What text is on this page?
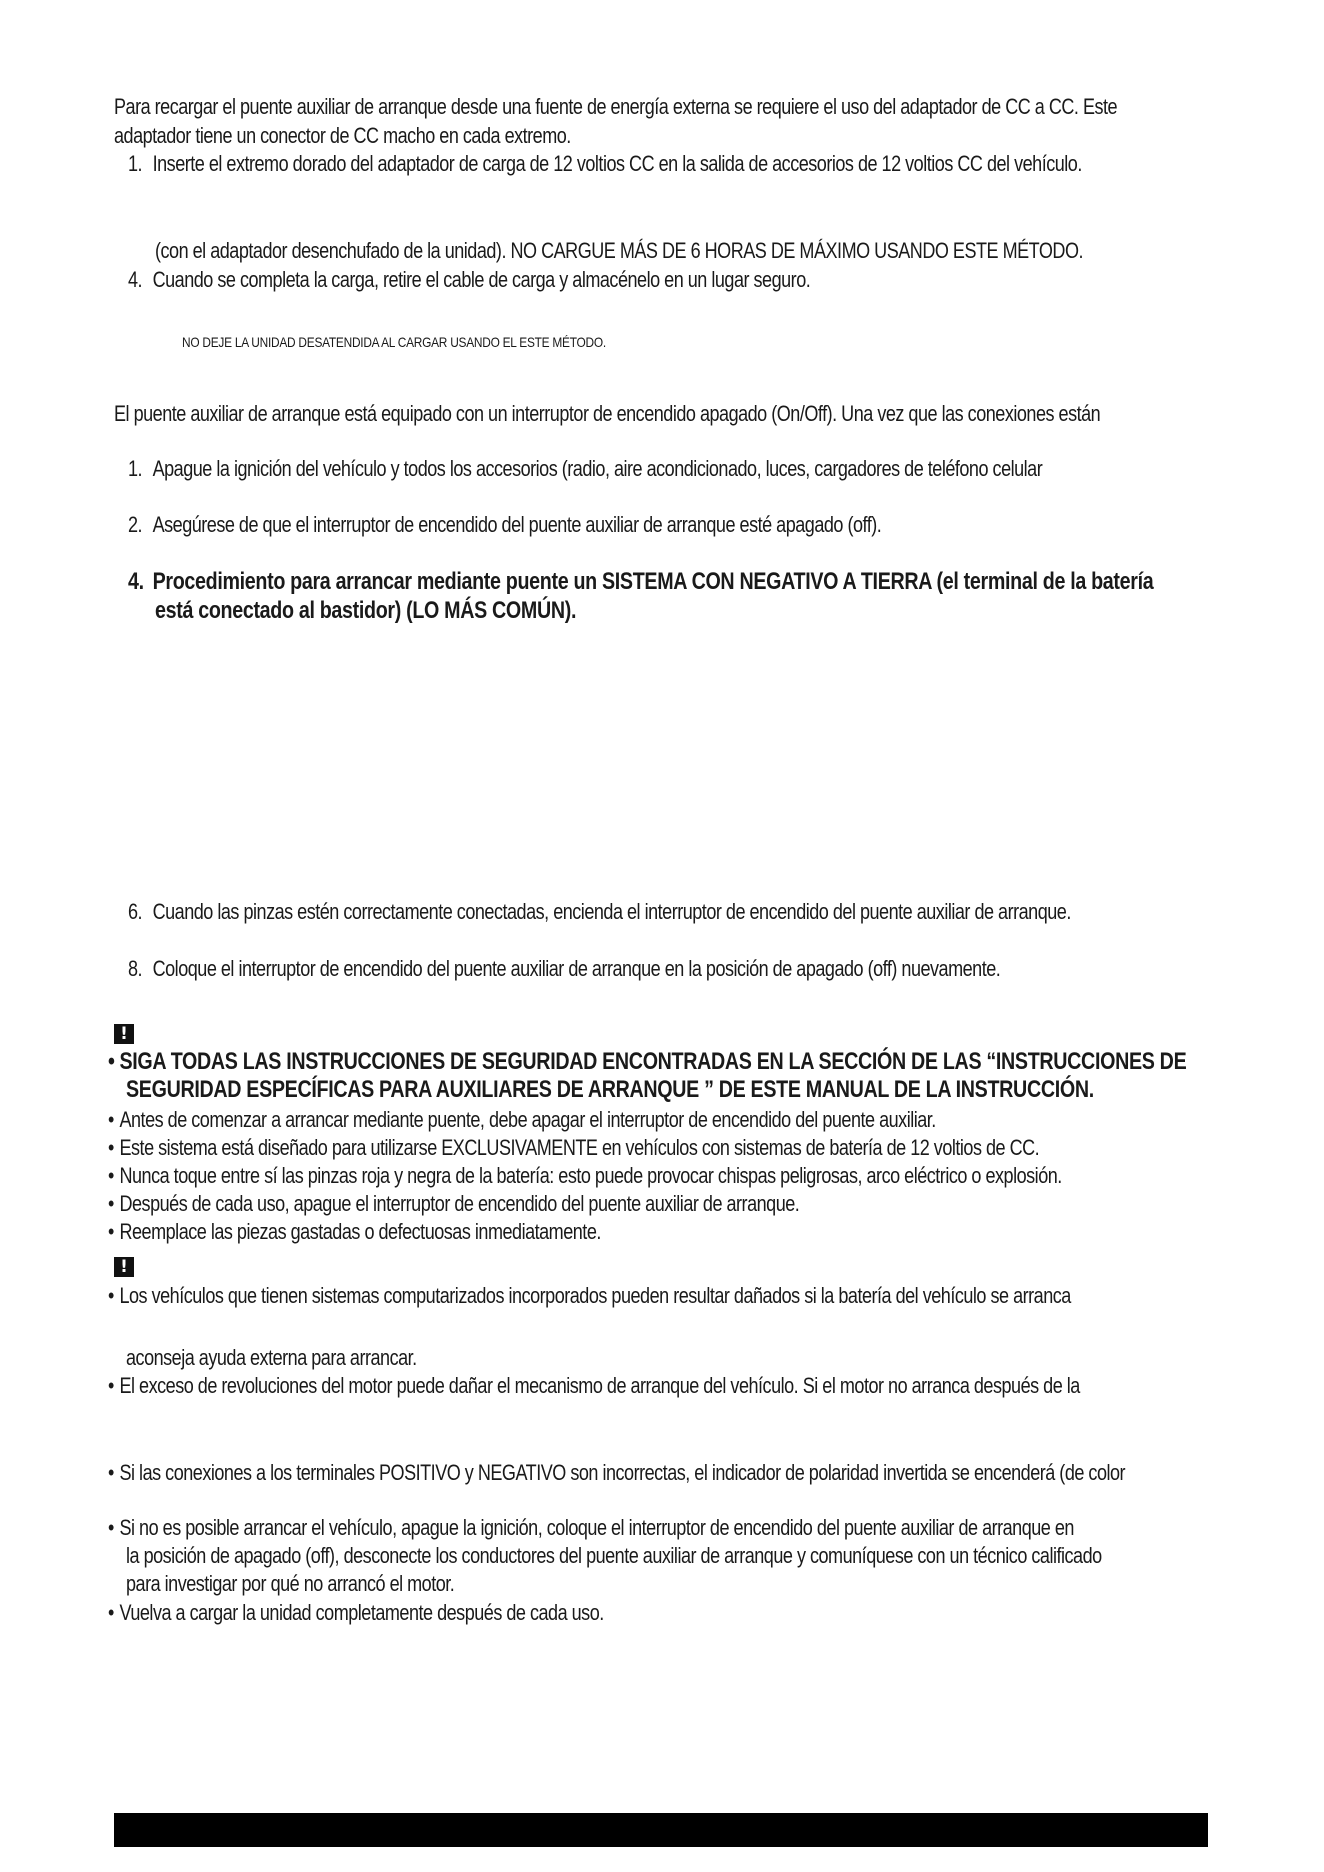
Para recargar el puente auxiliar de arranque desde una fuente de energía externa se requiere el uso del adaptador de CC a CC. Este

adaptador tiene un conector de CC macho en cada extremo.

1. Inserte el extremo dorado del adaptador de carga de 12 voltios CC en la salida de accesorios de 12 voltios CC del vehículo.

(con el adaptador desenchufado de la unidad). NO CARGUE MÁS DE 6 HORAS DE MÁXIMO USANDO ESTE MÉTODO.

4. Cuando se completa la carga, retire el cable de carga y almacénelo en un lugar seguro.

NO DEJE LA UNIDAD DESATENDIDA AL CARGAR USANDO EL ESTE MÉTODO.

El puente auxiliar de arranque está equipado con un interruptor de encendido apagado (On/Off). Una vez que las conexiones están

1. Apague la ignición del vehículo y todos los accesorios (radio, aire acondicionado, luces, cargadores de teléfono celular

2. Asegúrese de que el interruptor de encendido del puente auxiliar de arranque esté apagado (off).

4. Procedimiento para arrancar mediante puente un SISTEMA CON NEGATIVO A TIERRA (el terminal de la batería

está conectado al bastidor) (LO MÁS COMÚN).

6. Cuando las pinzas estén correctamente conectadas, encienda el interruptor de encendido del puente auxiliar de arranque.

8. Coloque el interruptor de encendido del puente auxiliar de arranque en la posición de apagado (off) nuevamente.

!

• SIGA TODAS LAS INSTRUCCIONES DE SEGURIDAD ENCONTRADAS EN LA SECCIÓN DE LAS “INSTRUCCIONES DE

SEGURIDAD ESPECÍFICAS PARA AUXILIARES DE ARRANQUE ” DE ESTE MANUAL DE LA INSTRUCCIÓN.

• Antes de comenzar a arrancar mediante puente, debe apagar el interruptor de encendido del puente auxiliar.

• Este sistema está diseñado para utilizarse EXCLUSIVAMENTE en vehículos con sistemas de batería de 12 voltios de CC.

• Nunca toque entre sí las pinzas roja y negra de la batería: esto puede provocar chispas peligrosas, arco eléctrico o explosión.

• Después de cada uso, apague el interruptor de encendido del puente auxiliar de arranque.

• Reemplace las piezas gastadas o defectuosas inmediatamente.

!

• Los vehículos que tienen sistemas computarizados incorporados pueden resultar dañados si la batería del vehículo se arranca

aconseja ayuda externa para arrancar.

• El exceso de revoluciones del motor puede dañar el mecanismo de arranque del vehículo. Si el motor no arranca después de la

• Si las conexiones a los terminales POSITIVO y NEGATIVO son incorrectas, el indicador de polaridad invertida se encenderá (de color

• Si no es posible arrancar el vehículo, apague la ignición, coloque el interruptor de encendido del puente auxiliar de arranque en

la posición de apagado (off), desconecte los conductores del puente auxiliar de arranque y comuníquese con un técnico calificado

para investigar por qué no arrancó el motor.

• Vuelva a cargar la unidad completamente después de cada uso.
